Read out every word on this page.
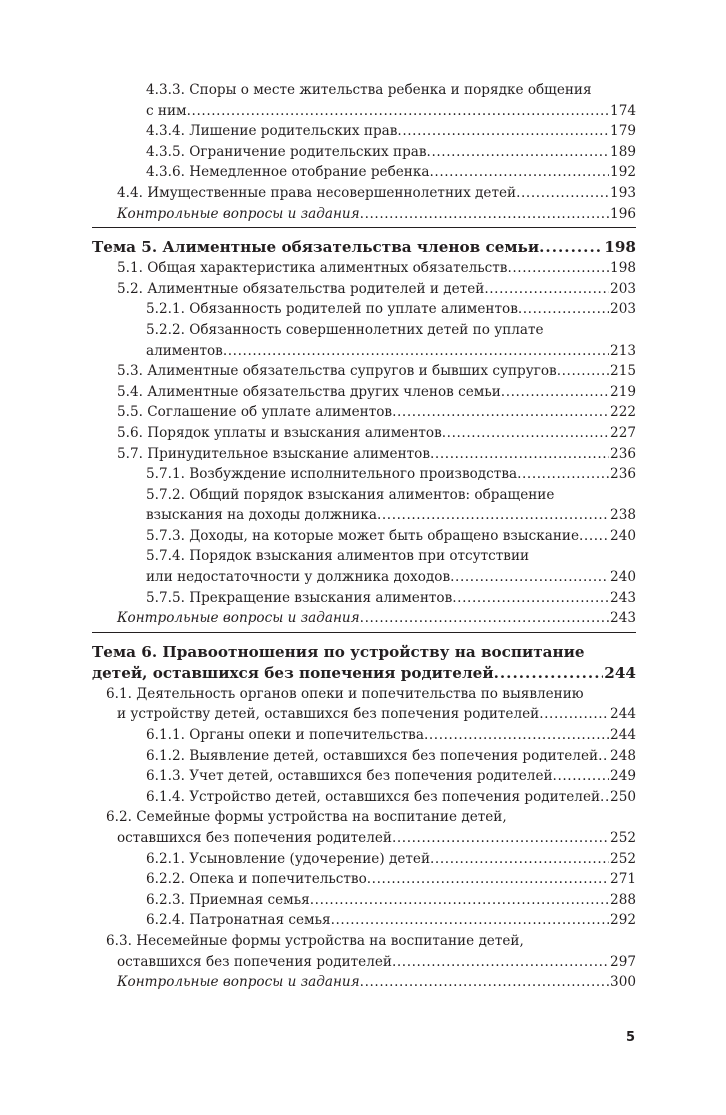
4.3.3. Споры о месте жительства ребенка и порядке общения
с ним .....	174
4.3.4. Лишение родительских прав .....	179
4.3.5. Ограничение родительских прав .....	189
4.3.6. Немедленное отобрание ребенка .....	192
4.4. Имущественные права несовершеннолетних детей .....	193
Контрольные вопросы и задания .....	196
Тема 5. Алиментные обязательства членов семьи .....	198
5.1. Общая характеристика алиментных обязательств .....	198
5.2. Алиментные обязательства родителей и детей .....	203
5.2.1. Обязанность родителей по уплате алиментов .....	203
5.2.2. Обязанность совершеннолетних детей по уплате
алиментов .....	213
5.3. Алиментные обязательства супругов и бывших супругов .....	215
5.4. Алиментные обязательства других членов семьи .....	219
5.5. Соглашение об уплате алиментов .....	222
5.6. Порядок уплаты и взыскания алиментов .....	227
5.7. Принудительное взыскание алиментов .....	236
5.7.1. Возбуждение исполнительного производства .....	236
5.7.2. Общий порядок взыскания алиментов: обращение
взыскания на доходы должника .....	238
5.7.3. Доходы, на которые может быть обращено взыскание ..... 240
5.7.4. Порядок взыскания алиментов при отсутствии
или недостаточности у должника доходов .....	240
5.7.5. Прекращение взыскания алиментов .....	243
Контрольные вопросы и задания .....	243
Тема 6. Правоотношения по устройству на воспитание
детей, оставшихся без попечения родителей .....	244
6.1. Деятельность органов опеки и попечительства по выявлению
и устройству детей, оставшихся без попечения родителей .....	244
6.1.1. Органы опеки и попечительства .....	244
6.1.2. Выявление детей, оставшихся без попечения родителей ..... 248
6.1.3. Учет детей, оставшихся без попечения родителей .....	249
6.1.4. Устройство детей, оставшихся без попечения родителей ..... 250
6.2. Семейные формы устройства на воспитание детей,
оставшихся без попечения родителей .....	252
6.2.1. Усыновление (удочерение) детей .....	252
6.2.2. Опека и попечительство .....	271
6.2.3. Приемная семья .....	288
6.2.4. Патронатная семья .....	292
6.3. Несемейные формы устройства на воспитание детей,
оставшихся без попечения родителей .....	297
Контрольные вопросы и задания .....	300
5
